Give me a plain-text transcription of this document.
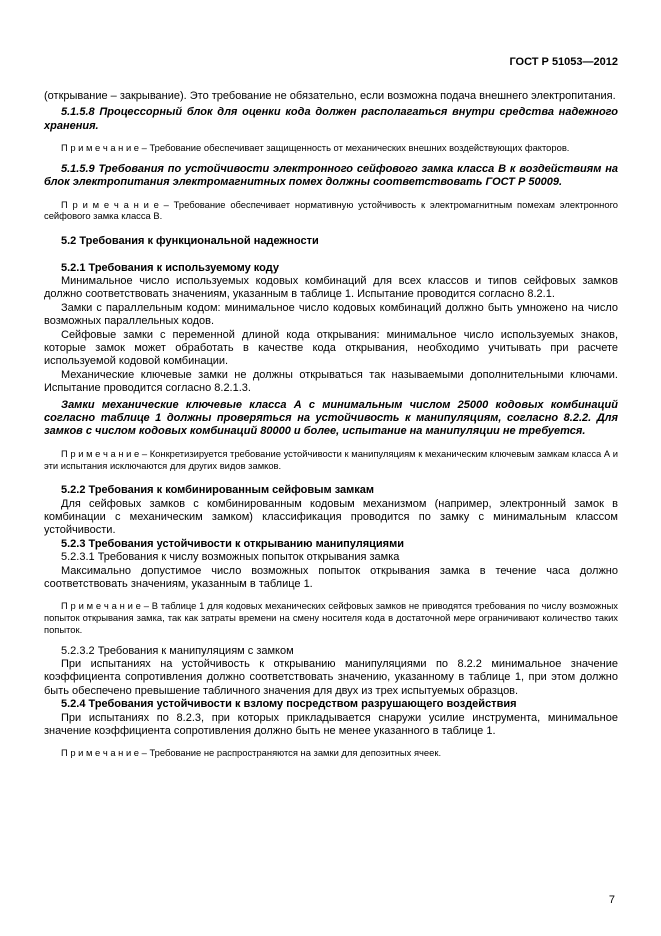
ГОСТ Р 51053—2012

(открывание – закрывание). Это требование не обязательно, если возможна подача внешнего электропитания.

5.1.5.8 Процессорный блок для оценки кода должен располагаться внутри средства надежного хранения.

П р и м е ч а н и е – Требование обеспечивает защищенность от механических внешних воздействующих факторов.

5.1.5.9 Требования по устойчивости электронного сейфового замка класса В к воздействиям на блок электропитания электромагнитных помех должны соответствовать ГОСТ Р 50009.

П р и м е ч а н и е – Требование обеспечивает нормативную устойчивость к электромагнитным помехам электронного сейфового замка класса В.

5.2 Требования к функциональной надежности

5.2.1 Требования к используемому коду

Минимальное число используемых кодовых комбинаций для всех классов и типов сейфовых замков должно соответствовать значениям, указанным в таблице 1. Испытание проводится согласно 8.2.1.

Замки с параллельным кодом: минимальное число кодовых комбинаций должно быть умножено на число возможных параллельных кодов.

Сейфовые замки с переменной длиной кода открывания: минимальное число используемых знаков, которые замок может обработать в качестве кода открывания, необходимо учитывать при расчете используемой кодовой комбинации.

Механические ключевые замки не должны открываться так называемыми дополнительными ключами. Испытание проводится согласно 8.2.1.3.

Замки механические ключевые класса А с минимальным числом 25000 кодовых комбинаций согласно таблице 1 должны проверяться на устойчивость к манипуляциям, согласно 8.2.2. Для замков с числом кодовых комбинаций 80000 и более, испытание на манипуляции не требуется.

П р и м е ч а н и е – Конкретизируется требование устойчивости к манипуляциям к механическим ключевым замкам класса А и эти испытания исключаются для других видов замков.

5.2.2 Требования к комбинированным сейфовым замкам

Для сейфовых замков с комбинированным кодовым механизмом (например, электронный замок в комбинации с механическим замком) классификация проводится по замку с минимальным классом устойчивости.

5.2.3 Требования устойчивости к открыванию манипуляциями

5.2.3.1 Требования к числу возможных попыток открывания замка

Максимально допустимое число возможных попыток открывания замка в течение часа должно соответствовать значениям, указанным в таблице 1.

П р и м е ч а н и е – В таблице 1 для кодовых механических сейфовых замков не приводятся требования по числу возможных попыток открывания замка, так как затраты времени на смену носителя кода в достаточной мере ограничивают количество таких попыток.

5.2.3.2 Требования к манипуляциям с замком

При испытаниях на устойчивость к открыванию манипуляциями по 8.2.2 минимальное значение коэффициента сопротивления должно соответствовать значению, указанному в таблице 1, при этом должно быть обеспечено превышение табличного значения для двух из трех испытуемых образцов.

5.2.4 Требования устойчивости к взлому посредством разрушающего воздействия

При испытаниях по 8.2.3, при которых прикладывается снаружи усилие инструмента, минимальное значение коэффициента сопротивления должно быть не менее указанного в таблице 1.

П р и м е ч а н и е – Требование не распространяются на замки для депозитных ячеек.

7
